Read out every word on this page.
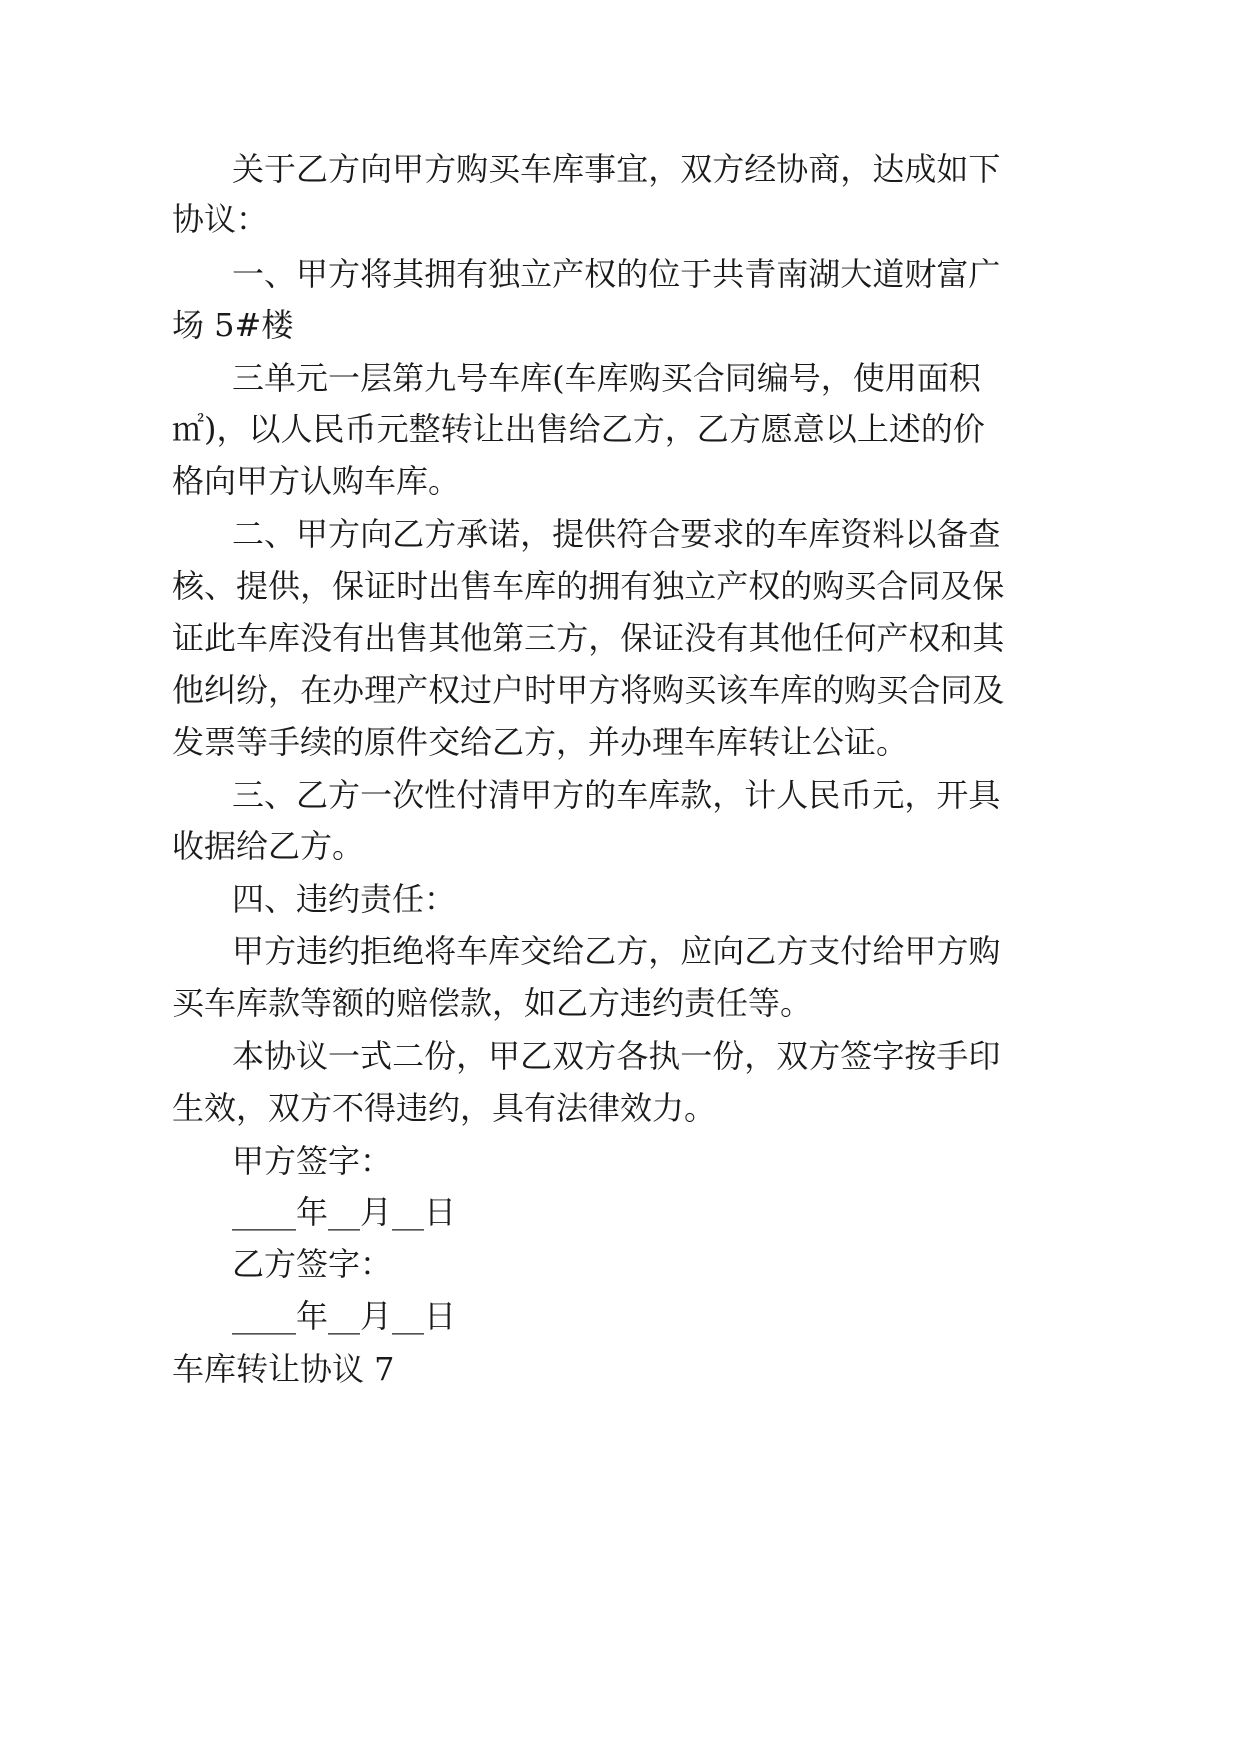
关 于 乙 方 向 甲 方 购 买 车 库 事 宜 ， 双 方 经 协 商 ， 达 成 如 下
协议：
一 、 甲 方 将 其 拥 有 独 立 产 权 的 位 于 共 青 南 湖 大 道 财 富 广
场 5#楼
三 单 元 一 层 第 九 号 车 库 ( 车 库 购 买 合 同 编 号 ， 使 用 面 积
㎡ ) ， 以 人 民 币 元 整 转 让 出 售 给 乙 方 ， 乙 方 愿 意 以 上 述 的 价
格向甲方认购车库。
二 、 甲 方 向 乙 方 承 诺 ， 提 供 符 合 要 求 的 车 库 资 料 以 备 查
核 、 提 供 ， 保 证 时 出 售 车 库 的 拥 有 独 立 产 权 的 购 买 合 同 及 保
证 此 车 库 没 有 出 售 其 他 第 三 方 ， 保 证 没 有 其 他 任 何 产 权 和 其
他 纠 纷 ， 在 办 理 产 权 过 户 时 甲 方 将 购 买 该 车 库 的 购 买 合 同 及
发票等手续的原件交给乙方，并办理车库转让公证。
三 、 乙 方 一 次 性 付 清 甲 方 的 车 库 款 ， 计 人 民 币 元 ， 开 具
收据给乙方。
四、违约责任：
甲 方 违 约 拒 绝 将 车 库 交 给 乙 方 ， 应 向 乙 方 支 付 给 甲 方 购
买车库款等额的赔偿款，如乙方违约责任等。
本 协 议 一 式 二 份 ， 甲 乙 双 方 各 执 一 份 ， 双 方 签 字 按 手 印
生效，双方不得违约，具有法律效力。
甲方签字：
____年__月__日
乙方签字：
____年__月__日
车库转让协议 7
